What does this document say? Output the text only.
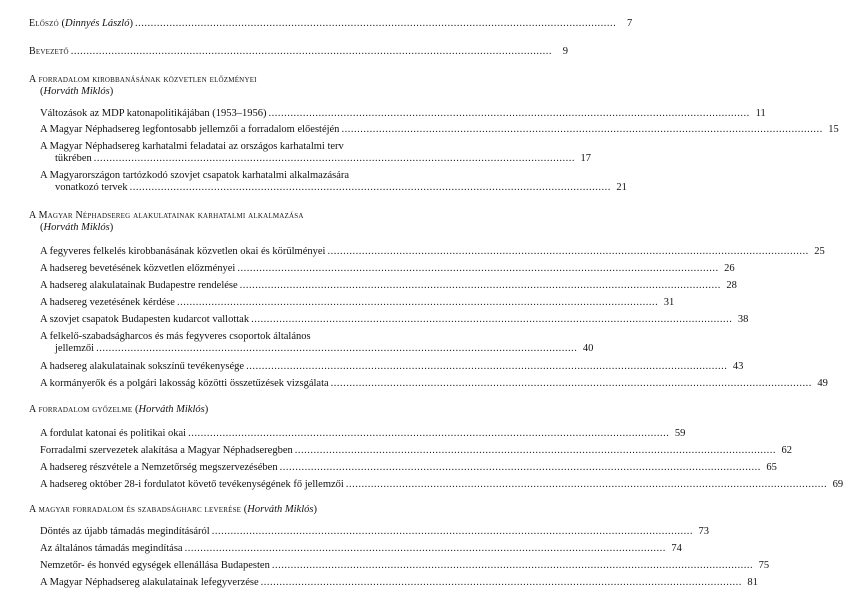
Előszó (Dinnyés László) ..........................................................................................................................................................	7
Bevezető ..........................................................................................................................................................	9
A forradalom kirobbanásának közvetlen előzményei
(Horváth Miklós)
Változások az MDP katonapolitikájában (1953–1956) .......................................................................................................................................................... 11
A Magyar Néphadsereg legfontosabb jellemzői a forradalom előestéjén .......................................................................................................................................................... 15
A Magyar Néphadsereg karhatalmi feladatai az országos karhatalmi terv
tükrében .......................................................................................................................................................... 17
A Magyarországon tartózkodó szovjet csapatok karhatalmi alkalmazására
vonatkozó tervek .......................................................................................................................................................... 21
A Magyar Néphadsereg alakulatainak karhatalmi alkalmazása
(Horváth Miklós)
A fegyveres felkelés kirobbanásának közvetlen okai és körülményei .......................................................................................................................................................... 25
A hadsereg bevetésének közvetlen előzményei .......................................................................................................................................................... 26
A hadsereg alakulatainak Budapestre rendelése .......................................................................................................................................................... 28
A hadsereg vezetésének kérdése .......................................................................................................................................................... 31
A szovjet csapatok Budapesten kudarcot vallottak .......................................................................................................................................................... 38
A felkelő-szabadságharcos és más fegyveres csoportok általános
jellemzői .......................................................................................................................................................... 40
A hadsereg alakulatainak sokszínű tevékenysége .......................................................................................................................................................... 43
A kormányerők és a polgári lakosság közötti összetűzések vizsgálata .......................................................................................................................................................... 49
A forradalom győzelme (Horváth Miklós)
A fordulat katonai és politikai okai .......................................................................................................................................................... 59
Forradalmi szervezetek alakítása a Magyar Néphadseregben .......................................................................................................................................................... 62
A hadsereg részvétele a Nemzetőrség megszervezésében .......................................................................................................................................................... 65
A hadsereg október 28-i fordulatot követő tevékenységének fő jellemzői .......................................................................................................................................................... 69
A magyar forradalom és szabadságharc leverése (Horváth Miklós)
Döntés az újabb támadás megindításáról .......................................................................................................................................................... 73
Az általános támadás megindítása .......................................................................................................................................................... 74
Nemzetőr- és honvéd egységek ellenállása Budapesten .......................................................................................................................................................... 75
A Magyar Néphadsereg alakulatainak lefegyverzése .......................................................................................................................................................... 81
